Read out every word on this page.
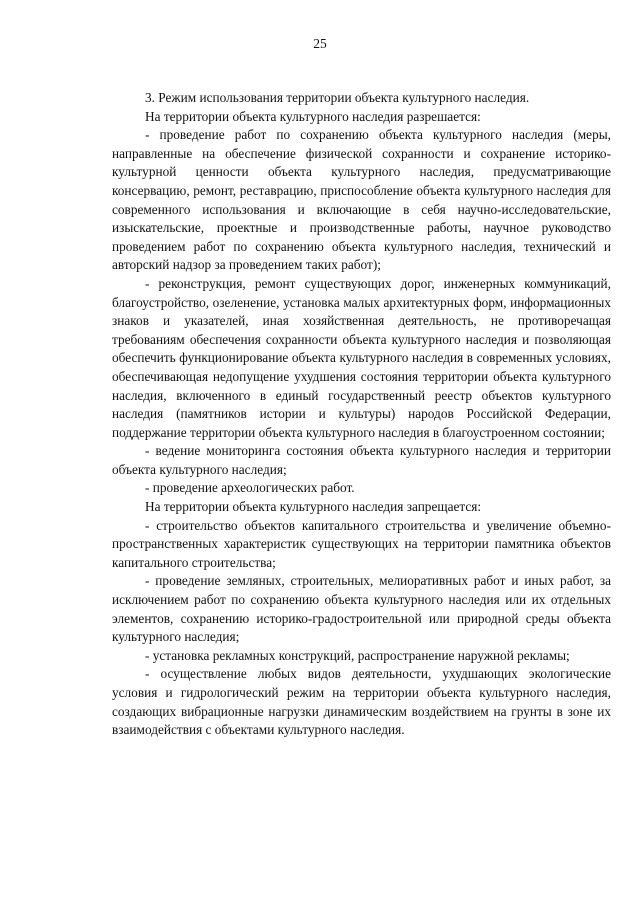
25

3. Режим использования территории объекта культурного наследия.

На территории объекта культурного наследия разрешается:

- проведение работ по сохранению объекта культурного наследия (меры, направленные на обеспечение физической сохранности и сохранение историко-культурной ценности объекта культурного наследия, предусматривающие консервацию, ремонт, реставрацию, приспособление объекта культурного наследия для современного использования и включающие в себя научно-исследовательские, изыскательские, проектные и производственные работы, научное руководство проведением работ по сохранению объекта культурного наследия, технический и авторский надзор за проведением таких работ);

- реконструкция, ремонт существующих дорог, инженерных коммуникаций, благоустройство, озеленение, установка малых архитектурных форм, информационных знаков и указателей, иная хозяйственная деятельность, не противоречащая требованиям обеспечения сохранности объекта культурного наследия и позволяющая обеспечить функционирование объекта культурного наследия в современных условиях, обеспечивающая недопущение ухудшения состояния территории объекта культурного наследия, включенного в единый государственный реестр объектов культурного наследия (памятников истории и культуры) народов Российской Федерации, поддержание территории объекта культурного наследия в благоустроенном состоянии;

- ведение мониторинга состояния объекта культурного наследия и территории объекта культурного наследия;

- проведение археологических работ.

На территории объекта культурного наследия запрещается:

- строительство объектов капитального строительства и увеличение объемно-пространственных характеристик существующих на территории памятника объектов капитального строительства;

- проведение земляных, строительных, мелиоративных работ и иных работ, за исключением работ по сохранению объекта культурного наследия или их отдельных элементов, сохранению историко-градостроительной или природной среды объекта культурного наследия;

- установка рекламных конструкций, распространение наружной рекламы;

- осуществление любых видов деятельности, ухудшающих экологические условия и гидрологический режим на территории объекта культурного наследия, создающих вибрационные нагрузки динамическим воздействием на грунты в зоне их взаимодействия с объектами культурного наследия.
